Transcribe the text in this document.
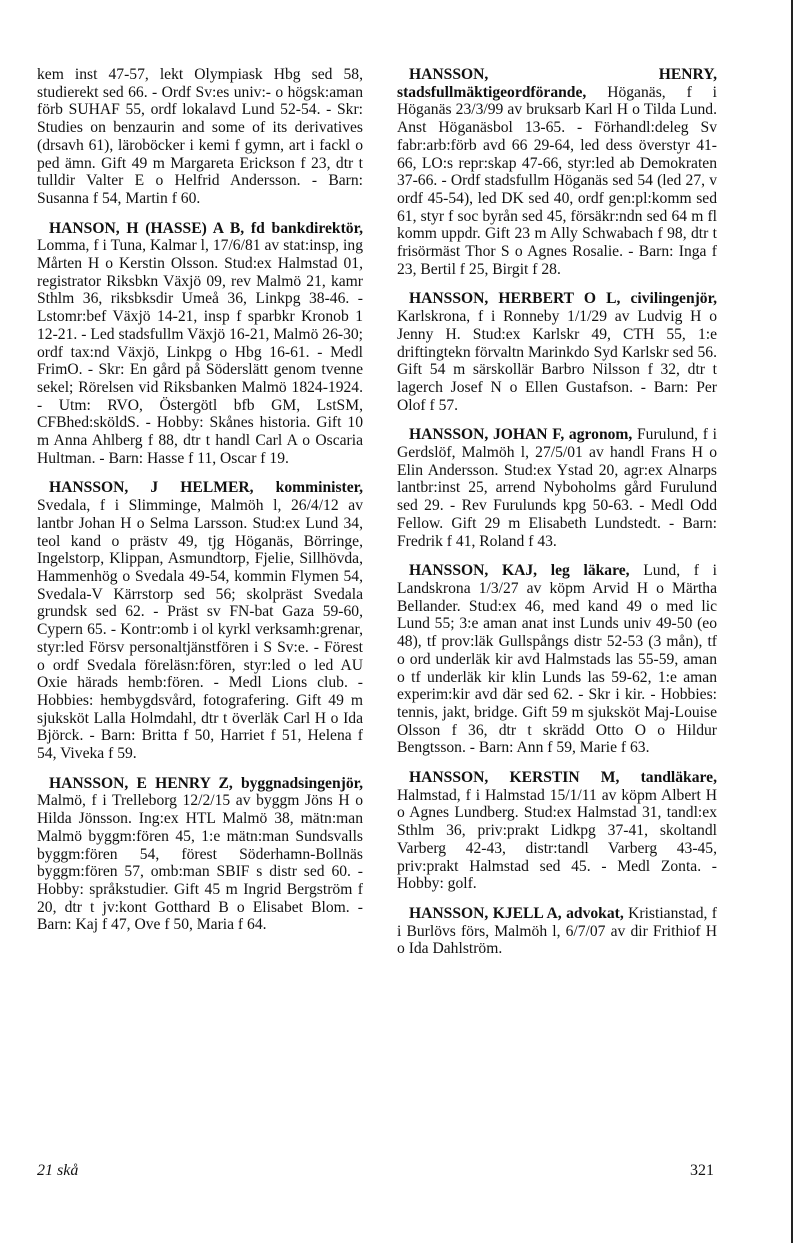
kem inst 47-57, lekt Olympiask Hbg sed 58, studierekt sed 66. - Ordf Sv:es univ:- o högsk:aman förb SUHAF 55, ordf lokalavd Lund 52-54. - Skr: Studies on benzaurin and some of its derivatives (drsavh 61), läroböcker i kemi f gymn, art i fackl o ped ämn. Gift 49 m Margareta Erickson f 23, dtr t tulldir Valter E o Helfrid Andersson. - Barn: Susanna f 54, Martin f 60.

HANSON, H (HASSE) A B, fd bankdirektör, Lomma, f i Tuna, Kalmar l, 17/6/81 av stat:insp, ing Mårten H o Kerstin Olsson. Stud:ex Halmstad 01, registrator Riksbkn Växjö 09, rev Malmö 21, kamr Sthlm 36, riksbksdir Umeå 36, Linkpg 38-46. - Lstomr:bef Växjö 14-21, insp f sparbkr Kronob 1 12-21. - Led stadsfullm Växjö 16-21, Malmö 26-30; ordf tax:nd Växjö, Linkpg o Hbg 16-61. - Medl FrimO. - Skr: En gård på Söderslätt genom tvenne sekel; Rörelsen vid Riksbanken Malmö 1824-1924. - Utm: RVO, Östergötl bfb GM, LstSM, CFBhed:sköldS. - Hobby: Skånes historia. Gift 10 m Anna Ahlberg f 88, dtr t handl Carl A o Oscaria Hultman. - Barn: Hasse f 11, Oscar f 19.

HANSSON, J HELMER, komminister, Svedala, f i Slimminge, Malmöh l, 26/4/12 av lantbr Johan H o Selma Larsson. Stud:ex Lund 34, teol kand o prästv 49, tjg Höganäs, Börringe, Ingelstorp, Klippan, Asmundtorp, Fjelie, Sillhövda, Hammenhög o Svedala 49-54, kommin Flymen 54, Svedala-V Kärrstorp sed 56; skolpräst Svedala grundsk sed 62. - Präst sv FN-bat Gaza 59-60, Cypern 65. - Kontr:omb i ol kyrkl verksamh:grenar, styr:led Försv personaltjänstfören i S Sv:e. - Förest o ordf Svedala föreläsn:fören, styr:led o led AU Oxie härads hemb:fören. - Medl Lions club. - Hobbies: hembygdsvård, fotografering. Gift 49 m sjuksköt Lalla Holmdahl, dtr t överläk Carl H o Ida Björck. - Barn: Britta f 50, Harriet f 51, Helena f 54, Viveka f 59.

HANSSON, E HENRY Z, byggnadsingenjör, Malmö, f i Trelleborg 12/2/15 av byggm Jöns H o Hilda Jönsson. Ing:ex HTL Malmö 38, mätn:man Malmö byggm:fören 45, 1:e mätn:man Sundsvalls byggm:fören 54, förest Söderhamn-Bollnäs byggm:fören 57, omb:man SBIF s distr sed 60. - Hobby: språkstudier. Gift 45 m Ingrid Bergström f 20, dtr t jv:kont Gotthard B o Elisabet Blom. - Barn: Kaj f 47, Ove f 50, Maria f 64.

HANSSON, HENRY, stadsfullmäktigeordförande, Höganäs, f i Höganäs 23/3/99 av bruksarb Karl H o Tilda Lund. Anst Höganäsbol 13-65. - Förhandl:deleg Sv fabr:arb:förb avd 66 29-64, led dess överstyr 41-66, LO:s repr:skap 47-66, styr:led ab Demokraten 37-66. - Ordf stadsfullm Höganäs sed 54 (led 27, v ordf 45-54), led DK sed 40, ordf gen:pl:komm sed 61, styr f soc byrån sed 45, försäkr:ndn sed 64 m fl komm uppdr. Gift 23 m Ally Schwabach f 98, dtr t frisörmäst Thor S o Agnes Rosalie. - Barn: Inga f 23, Bertil f 25, Birgit f 28.

HANSSON, HERBERT O L, civilingenjör, Karlskrona, f i Ronneby 1/1/29 av Ludvig H o Jenny H. Stud:ex Karlskr 49, CTH 55, 1:e driftingtekn förvaltn Marinkdo Syd Karlskr sed 56. Gift 54 m särskollär Barbro Nilsson f 32, dtr t lagerch Josef N o Ellen Gustafson. - Barn: Per Olof f 57.

HANSSON, JOHAN F, agronom, Furulund, f i Gerdslöf, Malmöh l, 27/5/01 av handl Frans H o Elin Andersson. Stud:ex Ystad 20, agr:ex Alnarps lantbr:inst 25, arrend Nyboholms gård Furulund sed 29. - Rev Furulunds kpg 50-63. - Medl Odd Fellow. Gift 29 m Elisabeth Lundstedt. - Barn: Fredrik f 41, Roland f 43.

HANSSON, KAJ, leg läkare, Lund, f i Landskrona 1/3/27 av köpm Arvid H o Märtha Bellander. Stud:ex 46, med kand 49 o med lic Lund 55; 3:e aman anat inst Lunds univ 49-50 (eo 48), tf prov:läk Gullspångs distr 52-53 (3 mån), tf o ord underläk kir avd Halmstads las 55-59, aman o tf underläk kir klin Lunds las 59-62, 1:e aman experim:kir avd där sed 62. - Skr i kir. - Hobbies: tennis, jakt, bridge. Gift 59 m sjuksköt Maj-Louise Olsson f 36, dtr t skrädd Otto O o Hildur Bengtsson. - Barn: Ann f 59, Marie f 63.

HANSSON, KERSTIN M, tandläkare, Halmstad, f i Halmstad 15/1/11 av köpm Albert H o Agnes Lundberg. Stud:ex Halmstad 31, tandl:ex Sthlm 36, priv:prakt Lidkpg 37-41, skoltandl Varberg 42-43, distr:tandl Varberg 43-45, priv:prakt Halmstad sed 45. - Medl Zonta. - Hobby: golf.

HANSSON, KJELL A, advokat, Kristianstad, f i Burlövs förs, Malmöh l, 6/7/07 av dir Frithiof H o Ida Dahlström.

21 skå	321
